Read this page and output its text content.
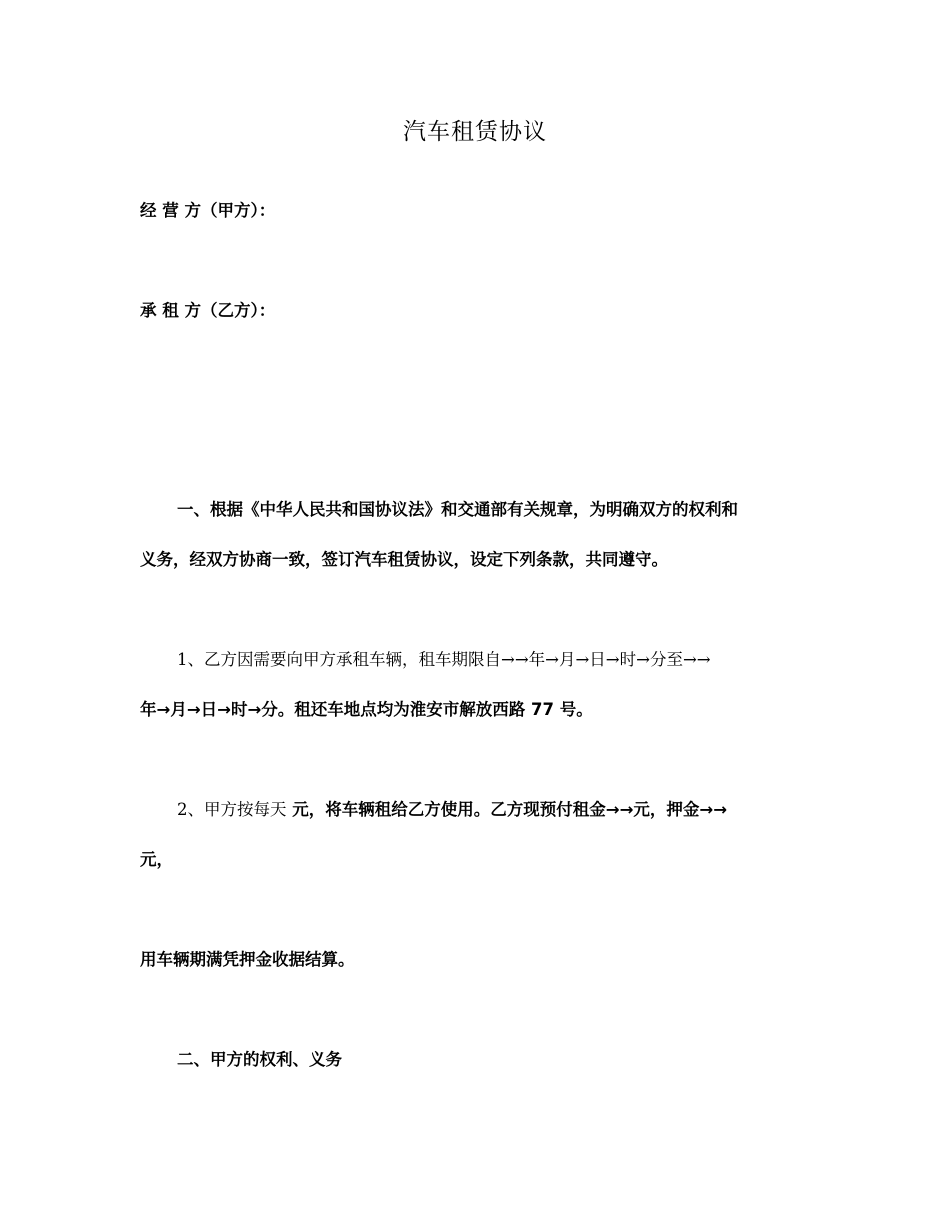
汽车租赁协议

经 营 方（甲方）：

承 租 方（乙方）：

一、根据《中华人民共和国协议法》和交通部有关规章，为明确双方的权利和

义务，经双方协商一致，签订汽车租赁协议，设定下列条款，共同遵守。

1、乙方因需要向甲方承租车辆，租车期限自→→年→月→日→时→分至→→

年→月→日→时→分。租还车地点均为淮安市解放西路 77 号。

2、甲方按每天 元，将车辆租给乙方使用。乙方现预付租金→→元，押金→→

元，

用车辆期满凭押金收据结算。

二、甲方的权利、义务
